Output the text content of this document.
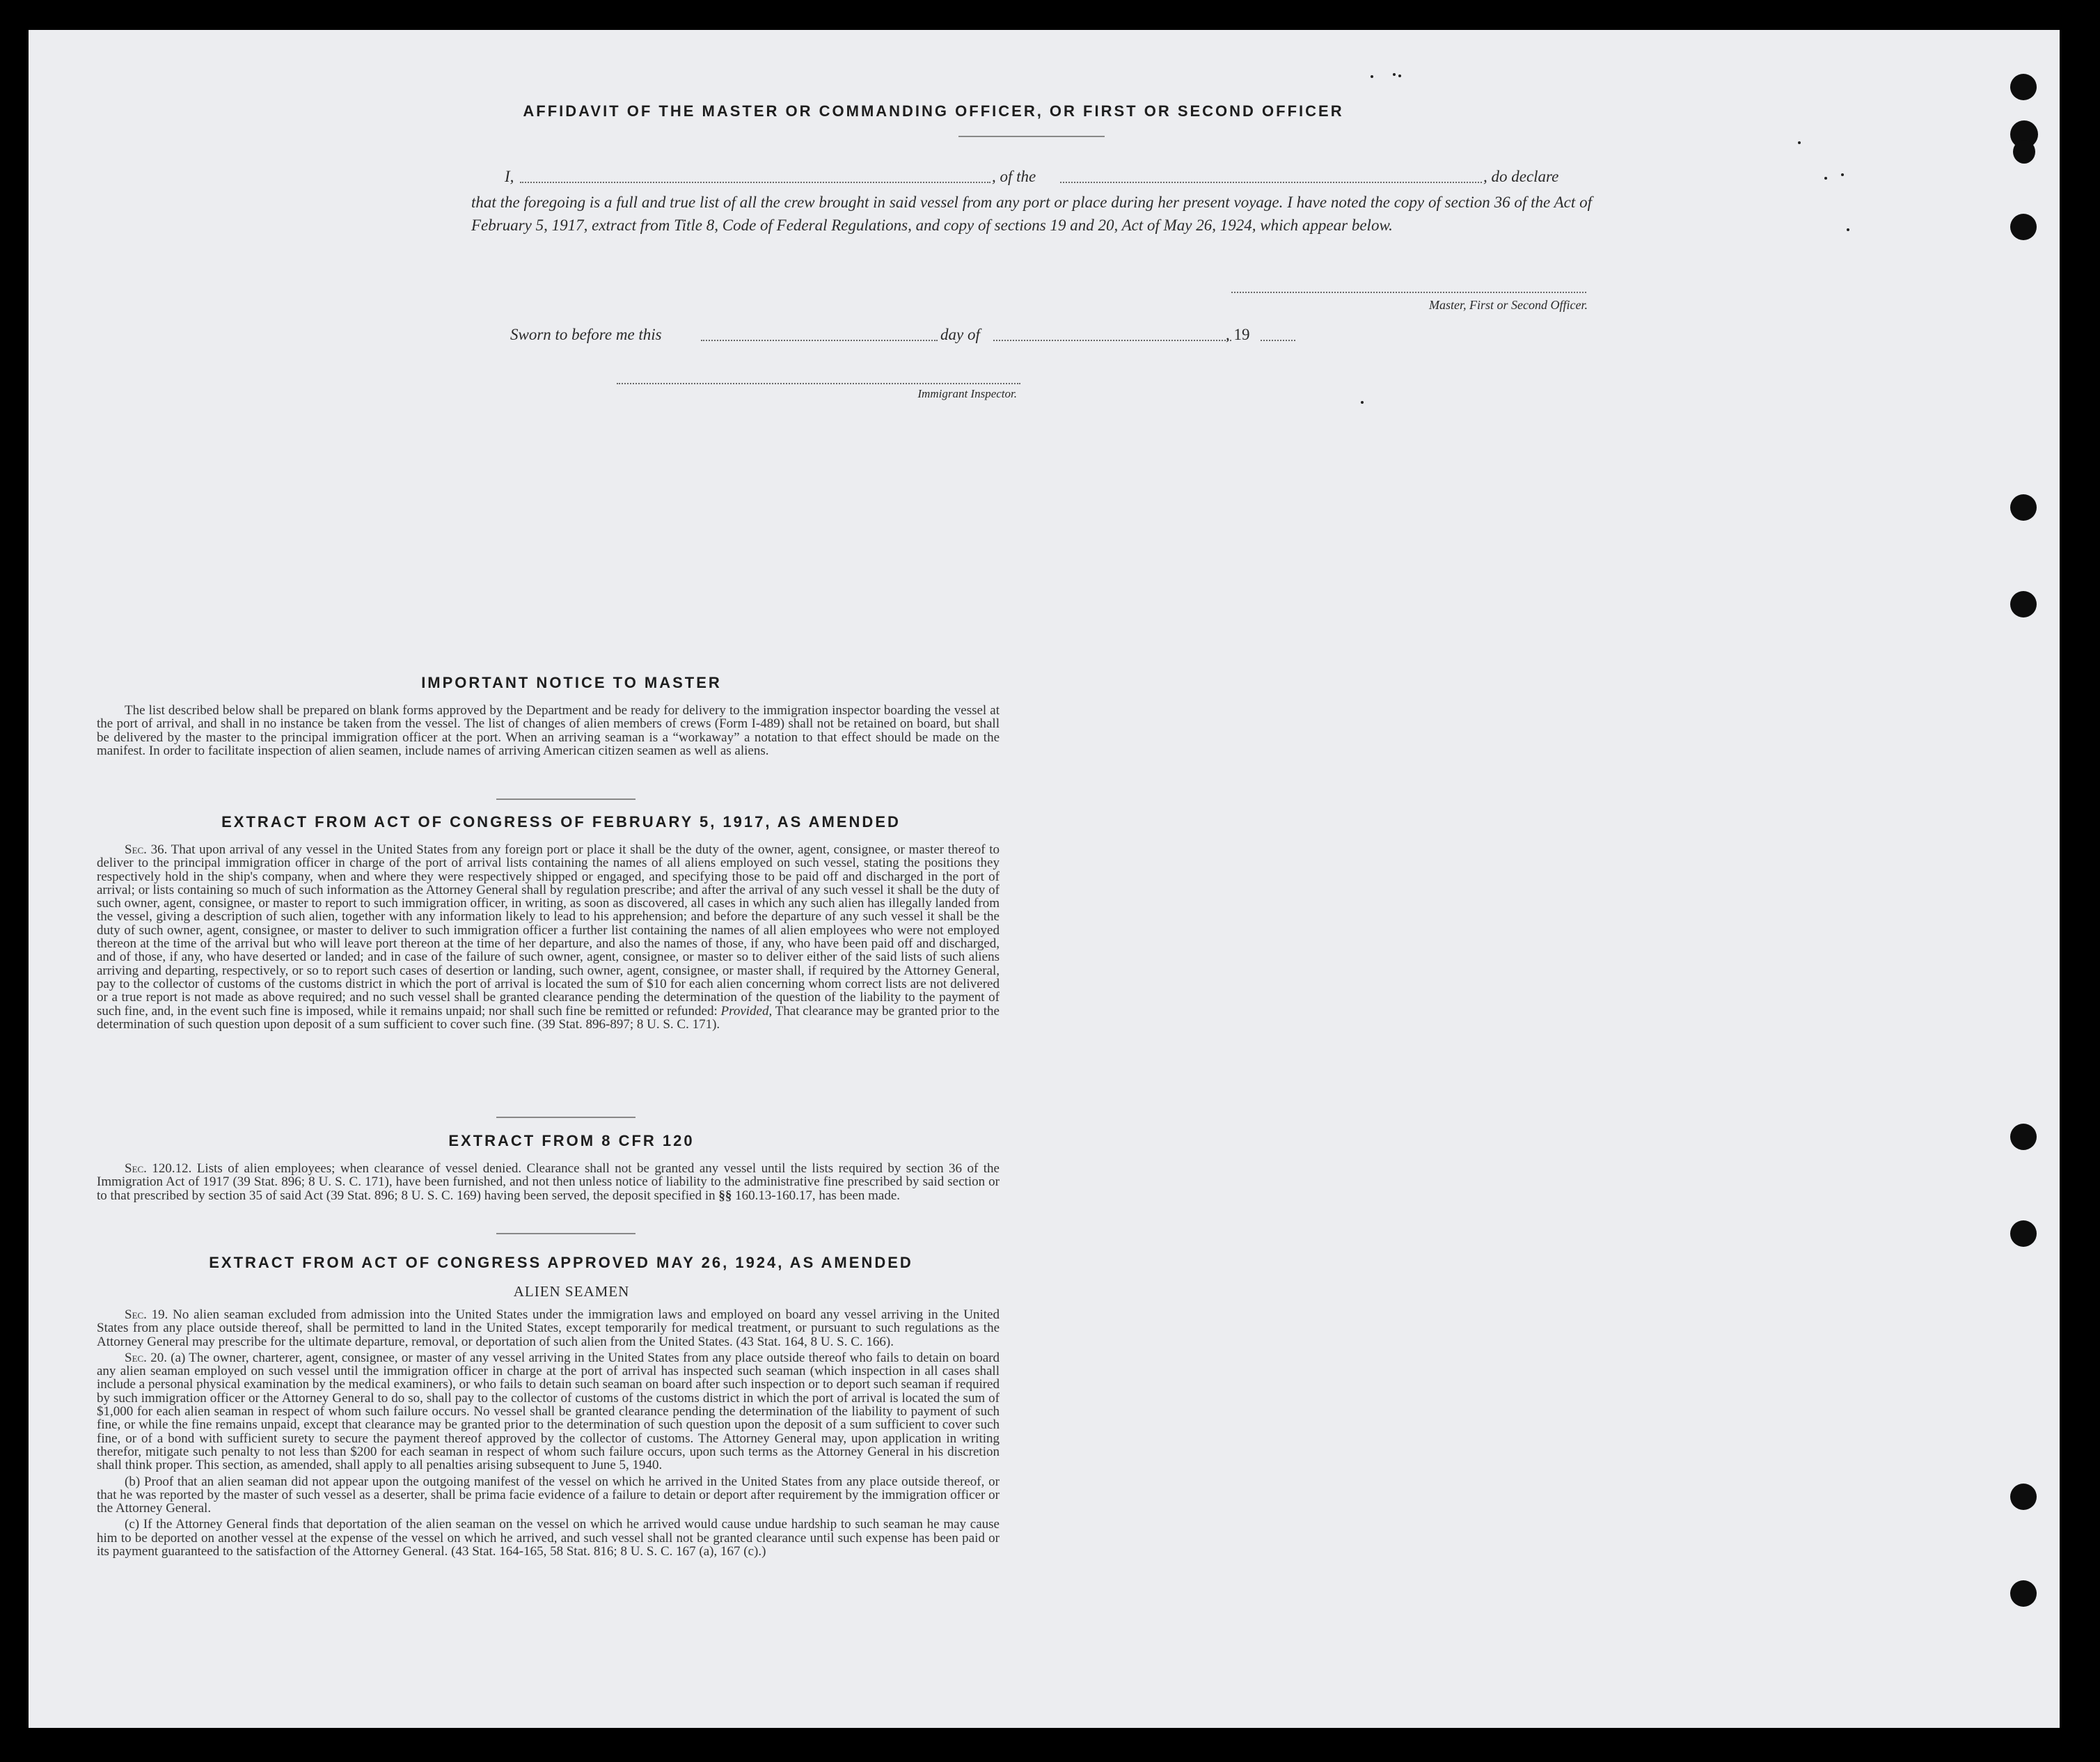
AFFIDAVIT OF THE MASTER OR COMMANDING OFFICER, OR FIRST OR SECOND OFFICER
I,	, of the	, do declare
that the foregoing is a full and true list of all the crew brought in said vessel from any port or place during her present voyage. I have noted the copy of section 36 of the Act of February 5, 1917, extract from Title 8, Code of Federal Regulations, and copy of sections 19 and 20, Act of May 26, 1924, which appear below.
Master, First or Second Officer.
Sworn to before me this	day of	, 19
Immigrant Inspector.
IMPORTANT NOTICE TO MASTER

The list described below shall be prepared on blank forms approved by the Department and be ready for delivery to the immigration inspector boarding the vessel at the port of arrival, and shall in no instance be taken from the vessel. The list of changes of alien members of crews (Form I-489) shall not be retained on board, but shall be delivered by the master to the principal immigration officer at the port. When an arriving seaman is a “workaway” a notation to that effect should be made on the manifest. In order to facilitate inspection of alien seamen, include names of arriving American citizen seamen as well as aliens.

EXTRACT FROM ACT OF CONGRESS OF FEBRUARY 5, 1917, AS AMENDED

Sec. 36. That upon arrival of any vessel in the United States from any foreign port or place it shall be the duty of the owner, agent, consignee, or master thereof to deliver to the principal immigration officer in charge of the port of arrival lists containing the names of all aliens employed on such vessel, stating the positions they respectively hold in the ship's company, when and where they were respectively shipped or engaged, and specifying those to be paid off and discharged in the port of arrival; or lists containing so much of such information as the Attorney General shall by regulation prescribe; and after the arrival of any such vessel it shall be the duty of such owner, agent, consignee, or master to report to such immigration officer, in writing, as soon as discovered, all cases in which any such alien has illegally landed from the vessel, giving a description of such alien, together with any information likely to lead to his apprehension; and before the departure of any such vessel it shall be the duty of such owner, agent, consignee, or master to deliver to such immigration officer a further list containing the names of all alien employees who were not employed thereon at the time of the arrival but who will leave port thereon at the time of her departure, and also the names of those, if any, who have been paid off and discharged, and of those, if any, who have deserted or landed; and in case of the failure of such owner, agent, consignee, or master so to deliver either of the said lists of such aliens arriving and departing, respectively, or so to report such cases of desertion or landing, such owner, agent, consignee, or master shall, if required by the Attorney General, pay to the collector of customs of the customs district in which the port of arrival is located the sum of $10 for each alien concerning whom correct lists are not delivered or a true report is not made as above required; and no such vessel shall be granted clearance pending the determination of the question of the liability to the payment of such fine, and, in the event such fine is imposed, while it remains unpaid; nor shall such fine be remitted or refunded: Provided, That clearance may be granted prior to the determination of such question upon deposit of a sum sufficient to cover such fine. (39 Stat. 896-897; 8 U. S. C. 171).

EXTRACT FROM 8 CFR 120

Sec. 120.12. Lists of alien employees; when clearance of vessel denied. Clearance shall not be granted any vessel until the lists required by section 36 of the Immigration Act of 1917 (39 Stat. 896; 8 U. S. C. 171), have been furnished, and not then unless notice of liability to the administrative fine prescribed by said section or to that prescribed by section 35 of said Act (39 Stat. 896; 8 U. S. C. 169) having been served, the deposit specified in §§ 160.13-160.17, has been made.

EXTRACT FROM ACT OF CONGRESS APPROVED MAY 26, 1924, AS AMENDED
ALIEN SEAMEN

Sec. 19. No alien seaman excluded from admission into the United States under the immigration laws and employed on board any vessel arriving in the United States from any place outside thereof, shall be permitted to land in the United States, except temporarily for medical treatment, or pursuant to such regulations as the Attorney General may prescribe for the ultimate departure, removal, or deportation of such alien from the United States. (43 Stat. 164, 8 U. S. C. 166).

Sec. 20. (a) The owner, charterer, agent, consignee, or master of any vessel arriving in the United States from any place outside thereof who fails to detain on board any alien seaman employed on such vessel until the immigration officer in charge at the port of arrival has inspected such seaman (which inspection in all cases shall include a personal physical examination by the medical examiners), or who fails to detain such seaman on board after such inspection or to deport such seaman if required by such immigration officer or the Attorney General to do so, shall pay to the collector of customs of the customs district in which the port of arrival is located the sum of $1,000 for each alien seaman in respect of whom such failure occurs. No vessel shall be granted clearance pending the determination of the liability to payment of such fine, or while the fine remains unpaid, except that clearance may be granted prior to the determination of such question upon the deposit of a sum sufficient to cover such fine, or of a bond with sufficient surety to secure the payment thereof approved by the collector of customs. The Attorney General may, upon application in writing therefor, mitigate such penalty to not less than $200 for each seaman in respect of whom such failure occurs, upon such terms as the Attorney General in his discretion shall think proper. This section, as amended, shall apply to all penalties arising subsequent to June 5, 1940.

(b) Proof that an alien seaman did not appear upon the outgoing manifest of the vessel on which he arrived in the United States from any place outside thereof, or that he was reported by the master of such vessel as a deserter, shall be prima facie evidence of a failure to detain or deport after requirement by the immigration officer or the Attorney General.

(c) If the Attorney General finds that deportation of the alien seaman on the vessel on which he arrived would cause undue hardship to such seaman he may cause him to be deported on another vessel at the expense of the vessel on which he arrived, and such vessel shall not be granted clearance until such expense has been paid or its payment guaranteed to the satisfaction of the Attorney General. (43 Stat. 164-165, 58 Stat. 816; 8 U. S. C. 167 (a), 167 (c).)
